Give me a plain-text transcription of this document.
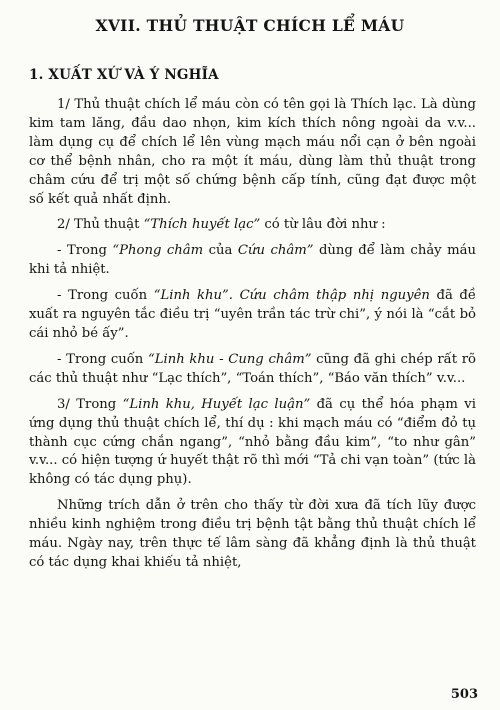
XVII. THỦ THUẬT CHÍCH LỂ MÁU
1. XUẤT XỨ VÀ Ý NGHĨA

1/ Thủ thuật chích lể máu còn có tên gọi là Thích lạc. Là dùng kim tam lăng, đầu dao nhọn, kim kích thích nông ngoài da v.v... làm dụng cụ để chích lể lên vùng mạch máu nổi cạn ở bên ngoài cơ thể bệnh nhân, cho ra một ít máu, dùng làm thủ thuật trong châm cứu để trị một số chứng bệnh cấp tính, cũng đạt được một số kết quả nhất định.

2/ Thủ thuật “Thích huyết lạc” có từ lâu đời như :

- Trong “Phong châm của Cứu châm” dùng để làm chảy máu khi tả nhiệt.

- Trong cuốn “Linh khu”. Cứu châm thập nhị nguyên đã đề xuất ra nguyên tắc điều trị “uyên trần tác trừ chi”, ý nói là “cắt bỏ cái nhỏ bé ấy”.

- Trong cuốn “Linh khu - Cung châm” cũng đã ghi chép rất rõ các thủ thuật như “Lạc thích”, “Toán thích”, “Báo văn thích” v.v...

3/ Trong “Linh khu, Huyết lạc luận” đã cụ thể hóa phạm vi ứng dụng thủ thuật chích lể, thí dụ : khi mạch máu có “điểm đỏ tụ thành cục cứng chắn ngang”, “nhỏ bằng đầu kim”, “to như gân” v.v... có hiện tượng ứ huyết thật rõ thì mới “Tả chi vạn toàn” (tức là không có tác dụng phụ).

Những trích dẫn ở trên cho thấy từ đời xưa đã tích lũy được nhiều kinh nghiệm trong điều trị bệnh tật bằng thủ thuật chích lể máu. Ngày nay, trên thực tế lâm sàng đã khẳng định là thủ thuật có tác dụng khai khiếu tả nhiệt,

503
